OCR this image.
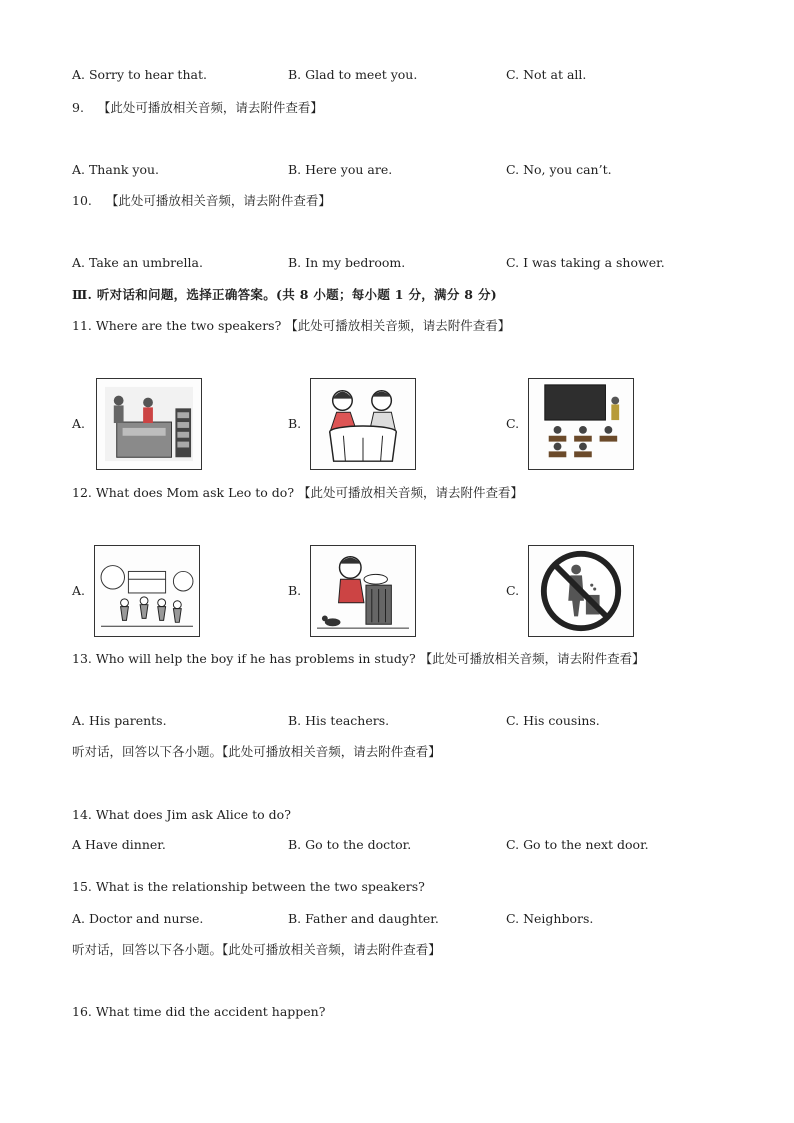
A. Sorry to hear that.	B. Glad to meet you.	C. Not at all.
9. 【此处可播放相关音频，请去附件查看】
A. Thank you.	B. Here you are.	C. No, you can’t.
10. 【此处可播放相关音频，请去附件查看】
A. Take an umbrella.	B. In my bedroom.	C. I was taking a shower.
Ⅲ. 听对话和问题，选择正确答案。(共 8 小题；每小题 1 分，满分 8 分)
11. Where are the two speakers? 【此处可播放相关音频，请去附件查看】
A.	B.	C.
12. What does Mom ask Leo to do? 【此处可播放相关音频，请去附件查看】
A.	B.	C.
13. Who will help the boy if he has problems in study? 【此处可播放相关音频，请去附件查看】
A. His parents.	B. His teachers.	C. His cousins.
听对话，回答以下各小题。【此处可播放相关音频，请去附件查看】
14. What does Jim ask Alice to do?
A Have dinner.	B. Go to the doctor.	C. Go to the next door.
15. What is the relationship between the two speakers?
A. Doctor and nurse.	B. Father and daughter.	C. Neighbors.
听对话，回答以下各小题。【此处可播放相关音频，请去附件查看】
16. What time did the accident happen?
